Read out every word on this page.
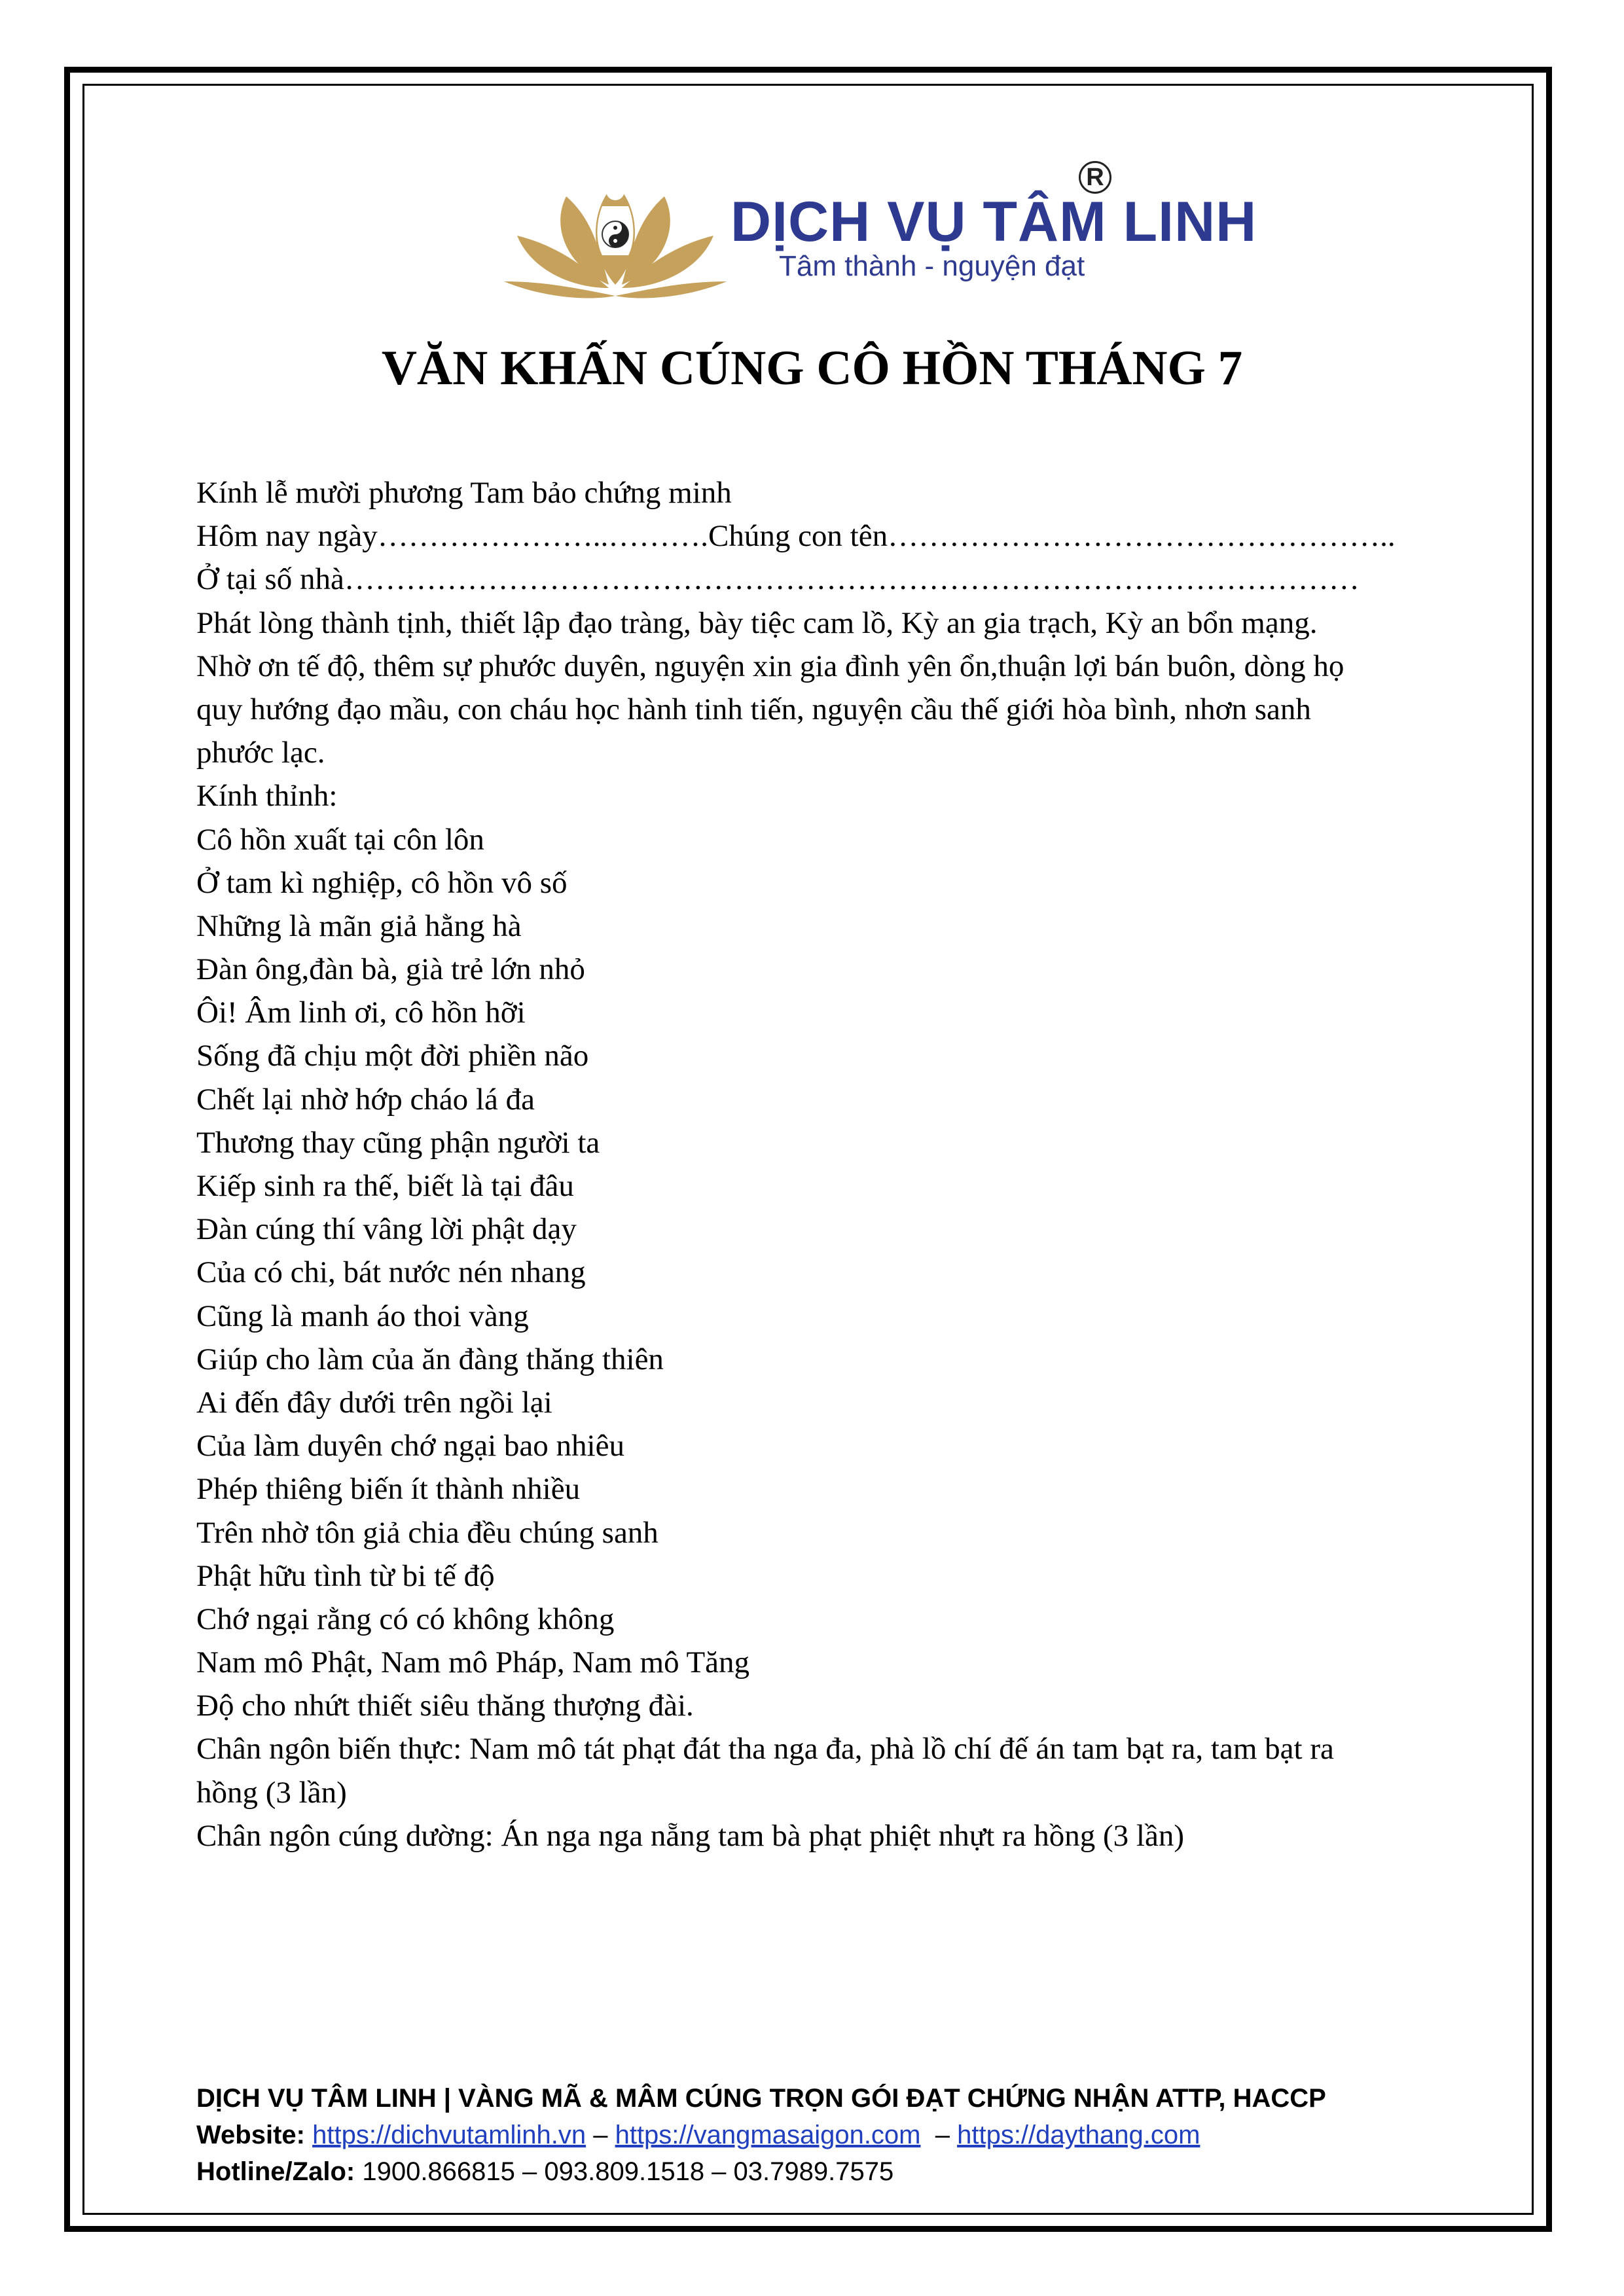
DỊCH VỤ TÂM LINH
R
Tâm thành - nguyện đạt
VĂN KHẤN CÚNG CÔ HỒN THÁNG 7
Kính lễ mười phương Tam bảo chứng minh
Hôm nay ngày…………………..……….Chúng con tên…………………………………………..
Ở tại số nhà………………………………………………………………………………………
Phát lòng thành tịnh, thiết lập đạo tràng, bày tiệc cam lồ, Kỳ an gia trạch, Kỳ an bổn mạng.
Nhờ ơn tế độ, thêm sự phước duyên, nguyện xin gia đình yên ổn,thuận lợi bán buôn, dòng họ
quy hướng đạo mầu, con cháu học hành tinh tiến, nguyện cầu thế giới hòa bình, nhơn sanh
phước lạc.
Kính thỉnh:
Cô hồn xuất tại côn lôn
Ở tam kì nghiệp, cô hồn vô số
Những là mãn giả hằng hà
Đàn ông,đàn bà, già trẻ lớn nhỏ
Ôi! Âm linh ơi, cô hồn hỡi
Sống đã chịu một đời phiền não
Chết lại nhờ hớp cháo lá đa
Thương thay cũng phận người ta
Kiếp sinh ra thế, biết là tại đâu
Đàn cúng thí vâng lời phật dạy
Của có chi, bát nước nén nhang
Cũng là manh áo thoi vàng
Giúp cho làm của ăn đàng thăng thiên
Ai đến đây dưới trên ngồi lại
Của làm duyên chớ ngại bao nhiêu
Phép thiêng biến ít thành nhiều
Trên nhờ tôn giả chia đều chúng sanh
Phật hữu tình từ bi tế độ
Chớ ngại rằng có có không không
Nam mô Phật, Nam mô Pháp, Nam mô Tăng
Độ cho nhứt thiết siêu thăng thượng đài.
Chân ngôn biến thực: Nam mô tát phạt đát tha nga đa, phà lồ chí đế án tam bạt ra, tam bạt ra
hồng (3 lần)
Chân ngôn cúng dường: Án nga nga nẵng tam bà phạt phiệt nhựt ra hồng (3 lần)
DỊCH VỤ TÂM LINH | VÀNG MÃ & MÂM CÚNG TRỌN GÓI ĐẠT CHỨNG NHẬN ATTP, HACCP
Website: https://dichvutamlinh.vn – https://vangmasaigon.com  – https://daythang.com
Hotline/Zalo: 1900.866815 – 093.809.1518 – 03.7989.7575
